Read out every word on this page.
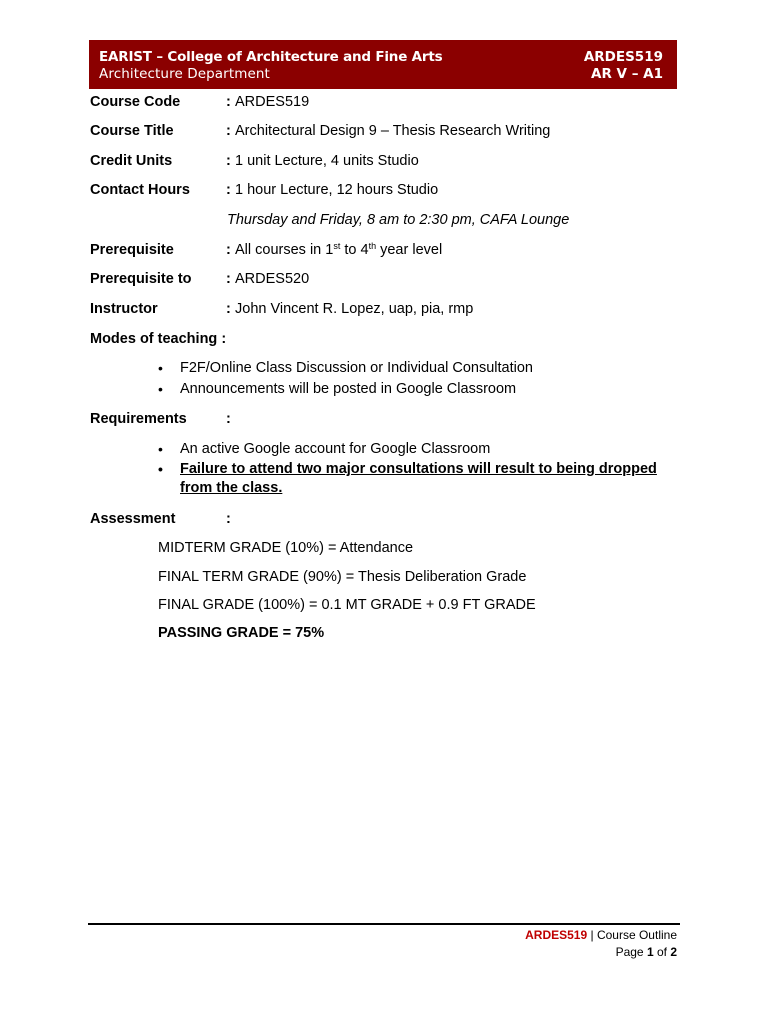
EARIST – College of Architecture and Fine Arts
Architecture Department
ARDES519
AR V – A1
Course Code	: ARDES519
Course Title	: Architectural Design 9 – Thesis Research Writing
Credit Units	: 1 unit Lecture, 4 units Studio
Contact Hours : 1 hour Lecture, 12 hours Studio
Thursday and Friday, 8 am to 2:30 pm, CAFA Lounge
Prerequisite	: All courses in 1st to 4th year level
Prerequisite to : ARDES520
Instructor	: John Vincent R. Lopez, uap, pia, rmp
Modes of teaching :
• F2F/Online Class Discussion or Individual Consultation
• Announcements will be posted in Google Classroom
Requirements	:
• An active Google account for Google Classroom
• Failure to attend two major consultations will result to being dropped from the class.
Assessment	:
MIDTERM GRADE (10%) = Attendance
FINAL TERM GRADE (90%) = Thesis Deliberation Grade
FINAL GRADE (100%) = 0.1 MT GRADE + 0.9 FT GRADE
PASSING GRADE = 75%
ARDES519 | Course Outline
Page 1 of 2
